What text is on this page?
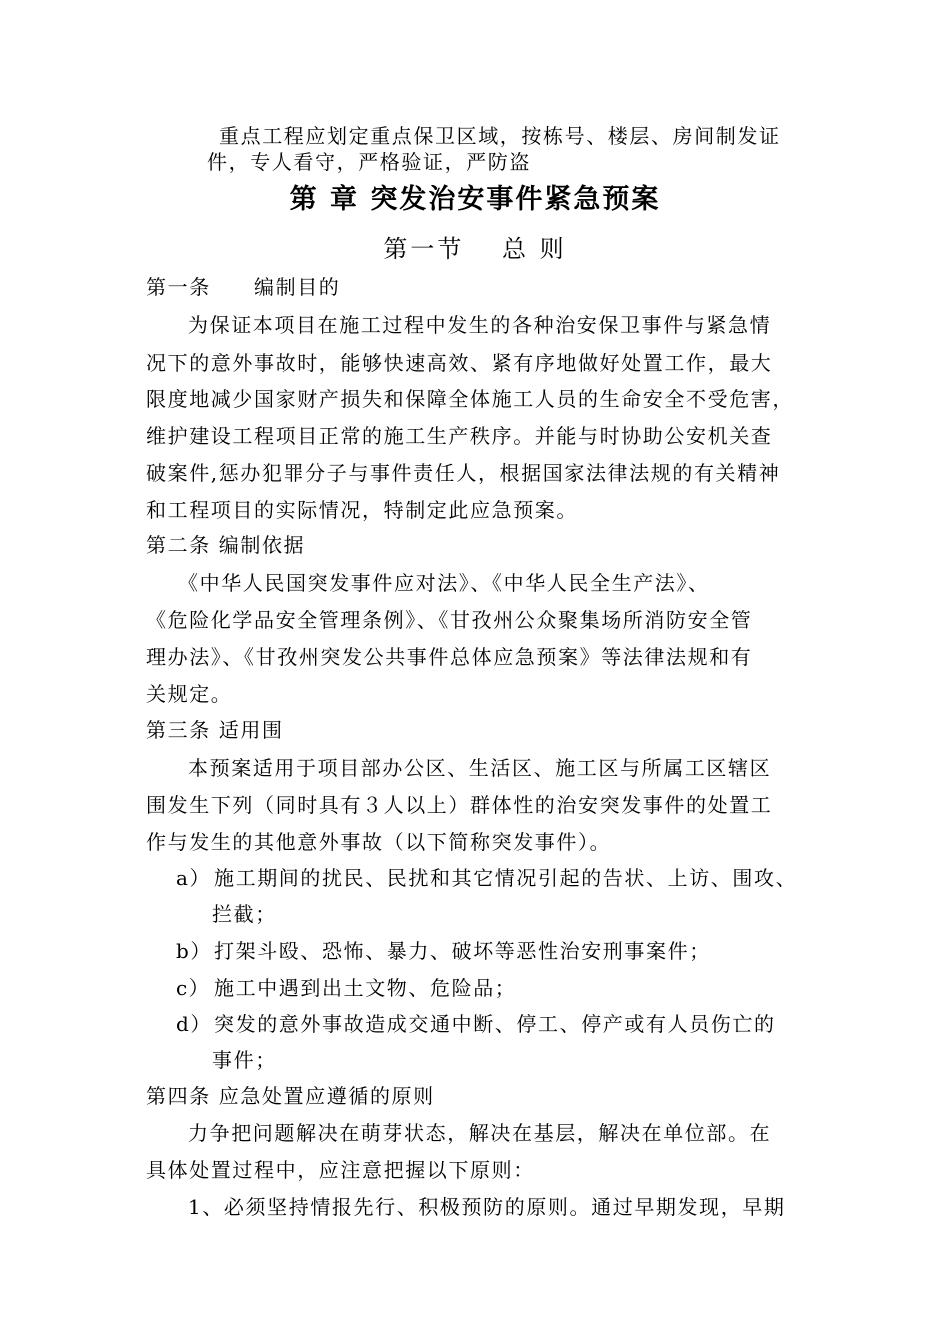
重点工程应划定重点保卫区域，按栋号、楼层、房间制发证
件，专人看守，严格验证，严防盗
第 章 突发治安事件紧急预案
第一节　 总 则
第一条　　编制目的
为保证本项目在施工过程中发生的各种治安保卫事件与紧急情
况下的意外事故时，能够快速高效、紧有序地做好处置工作，最大
限度地减少国家财产损失和保障全体施工人员的生命安全不受危害，
维护建设工程项目正常的施工生产秩序。并能与时协助公安机关查
破案件,惩办犯罪分子与事件责任人，根据国家法律法规的有关精神
和工程项目的实际情况，特制定此应急预案。
第二条 编制依据
《中华人民国突发事件应对法》、《中华人民全生产法》、
《危险化学品安全管理条例》、《甘孜州公众聚集场所消防安全管
理办法》、《甘孜州突发公共事件总体应急预案》等法律法规和有
关规定。
第三条 适用围
本预案适用于项目部办公区、生活区、施工区与所属工区辖区
围发生下列（同时具有３人以上）群体性的治安突发事件的处置工
作与发生的其他意外事故（以下简称突发事件）。
a） 施工期间的扰民、民扰和其它情况引起的告状、上访、围攻、
拦截；
b）打架斗殴、恐怖、暴力、破坏等恶性治安刑事案件；
c） 施工中遇到出土文物、危险品；
d）突发的意外事故造成交通中断、停工、停产或有人员伤亡的
事件；
第四条 应急处置应遵循的原则
力争把问题解决在萌芽状态，解决在基层，解决在单位部。在
具体处置过程中，应注意把握以下原则：
1、必须坚持情报先行、积极预防的原则。通过早期发现，早期
